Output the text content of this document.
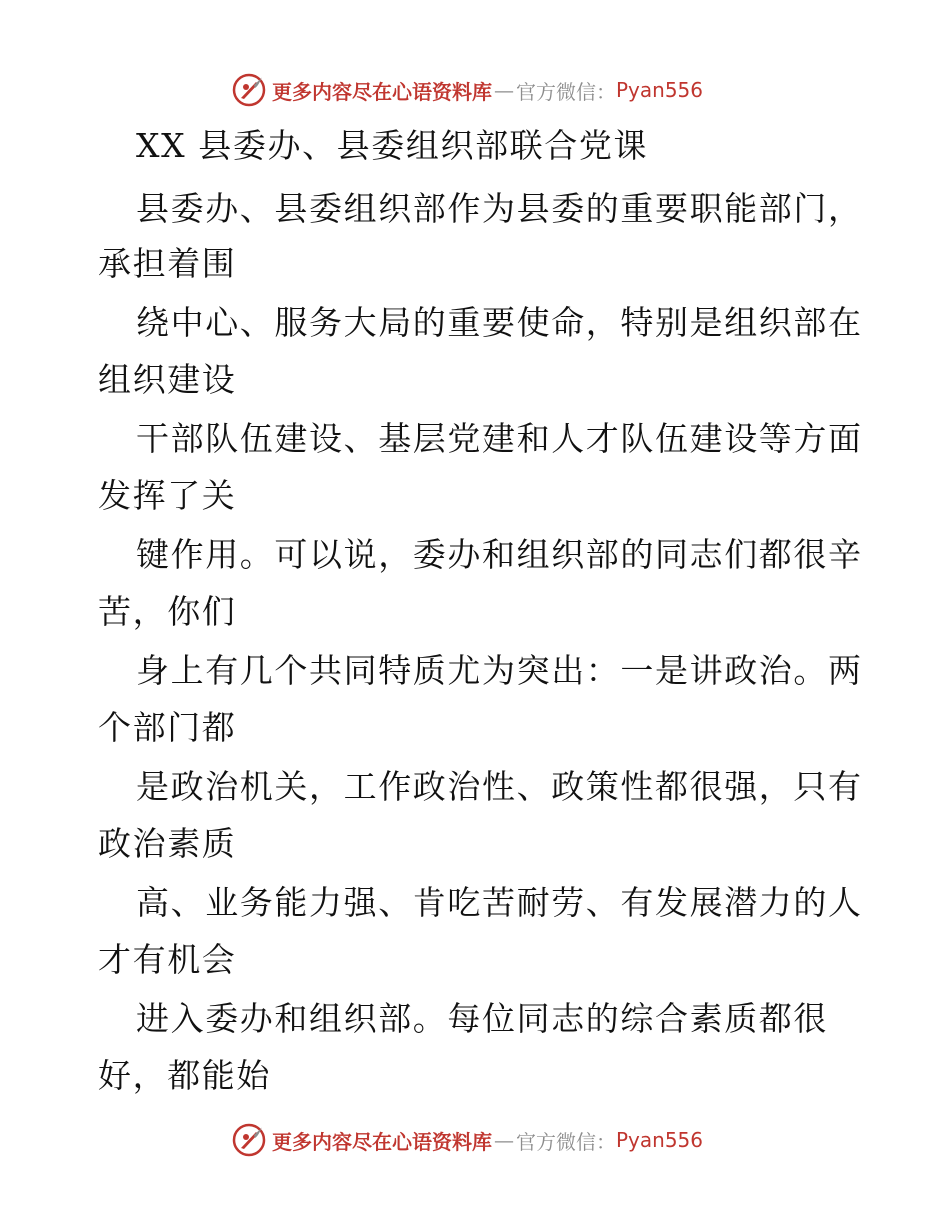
更多内容尽在心语资料库 — 官方微信： Pyan556
XX 县委办、县委组织部联合党课
县委办、县委组织部作为县委的重要职能部门，
承担着围
绕中心、服务大局的重要使命，特别是组织部在
组织建设
干部队伍建设、基层党建和人才队伍建设等方面
发挥了关
键作用。可以说，委办和组织部的同志们都很辛
苦，你们
身上有几个共同特质尤为突出：一是讲政治。两
个部门都
是政治机关，工作政治性、政策性都很强，只有
政治素质
高、业务能力强、肯吃苦耐劳、有发展潜力的人
才有机会
进入委办和组织部。每位同志的综合素质都很
好，都能始
更多内容尽在心语资料库 — 官方微信： Pyan556
